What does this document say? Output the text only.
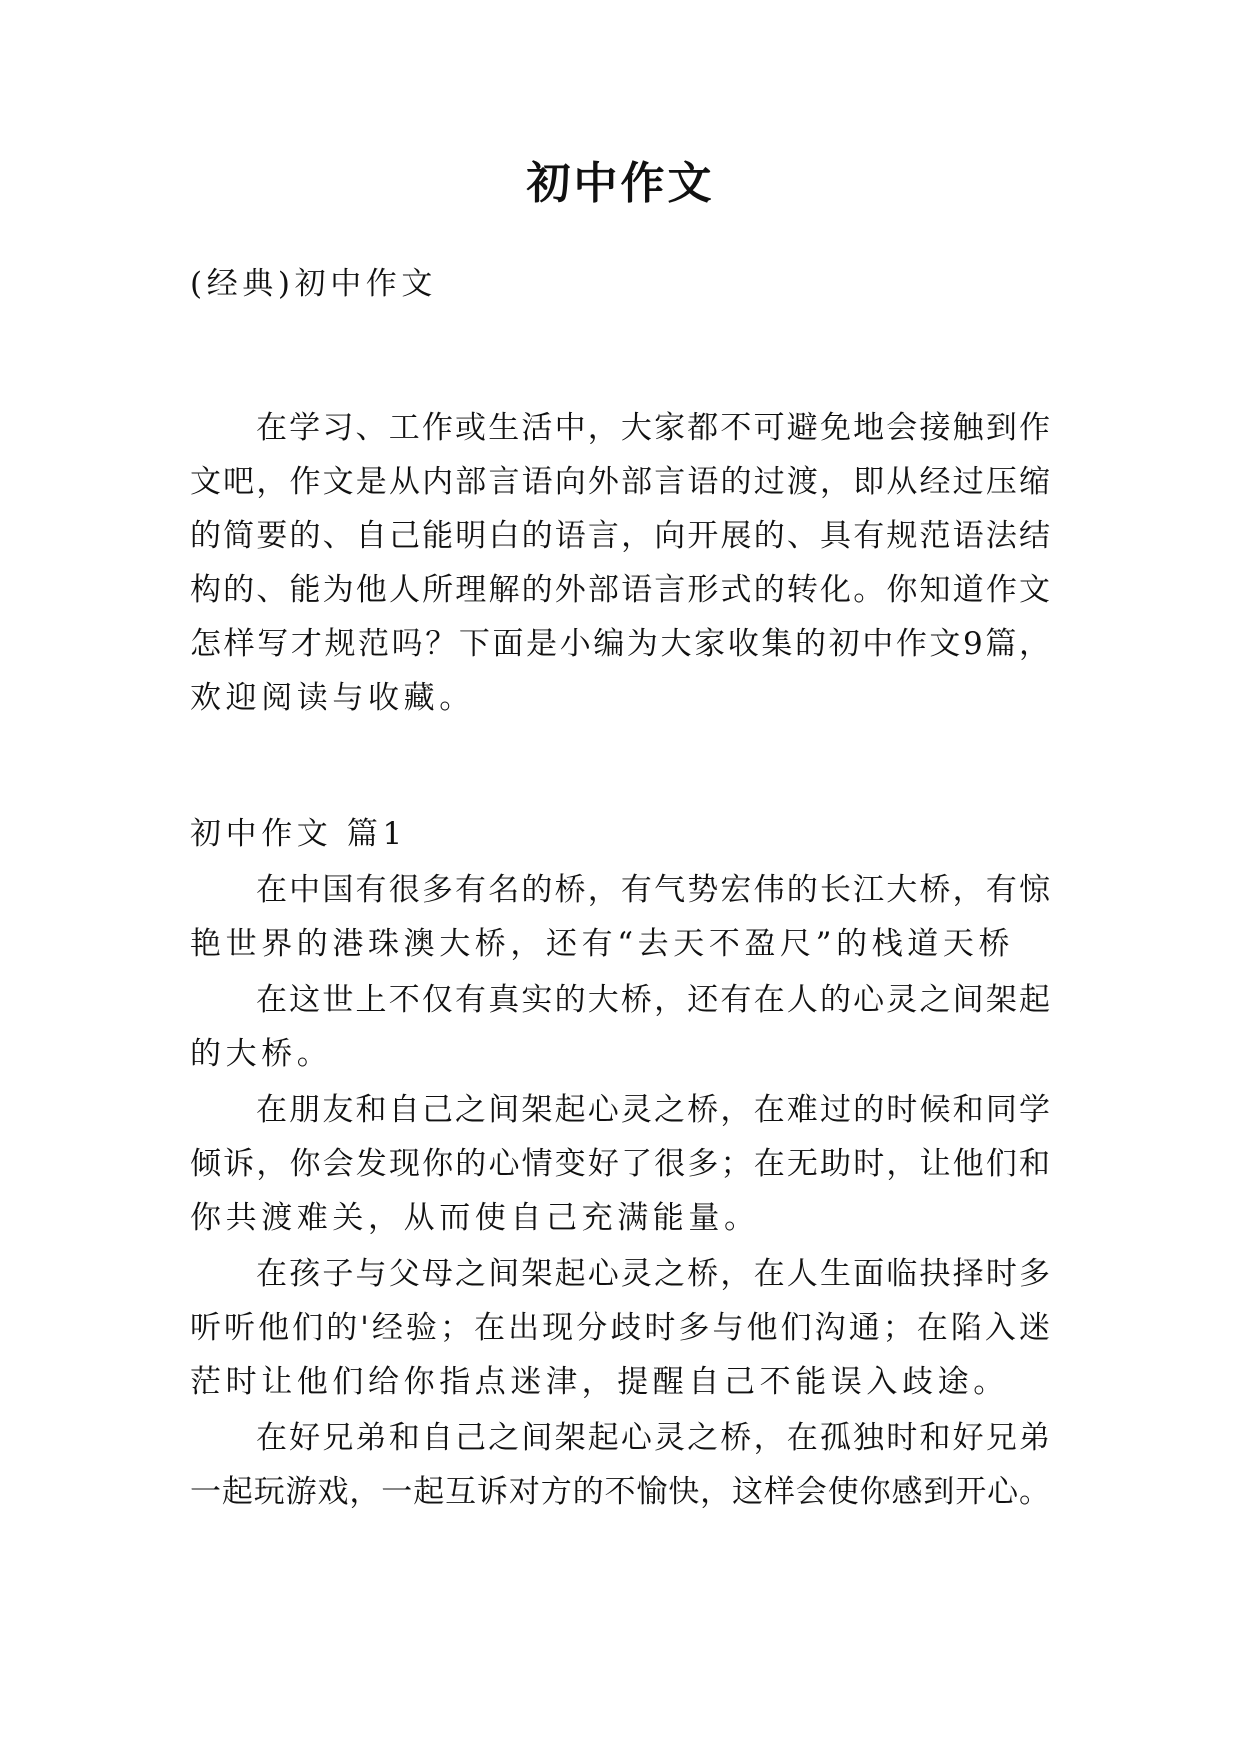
初中作文

(经典)初中作文

在学习、工作或生活中，大家都不可避免地会接触到作

文吧，作文是从内部言语向外部言语的过渡，即从经过压缩

的简要的、自己能明白的语言，向开展的、具有规范语法结

构的、能为他人所理解的外部语言形式的转化。你知道作文

怎样写才规范吗？下面是小编为大家收集的初中作文9篇，

欢迎阅读与收藏。

初中作文 篇1

在中国有很多有名的桥，有气势宏伟的长江大桥，有惊

艳世界的港珠澳大桥，还有“去天不盈尺”的栈道天桥

在这世上不仅有真实的大桥，还有在人的心灵之间架起

的大桥。

在朋友和自己之间架起心灵之桥，在难过的时候和同学

倾诉，你会发现你的心情变好了很多；在无助时，让他们和

你共渡难关，从而使自己充满能量。

在孩子与父母之间架起心灵之桥，在人生面临抉择时多

听听他们的'经验；在出现分歧时多与他们沟通；在陷入迷

茫时让他们给你指点迷津，提醒自己不能误入歧途。

在好兄弟和自己之间架起心灵之桥，在孤独时和好兄弟

一起玩游戏，一起互诉对方的不愉快，这样会使你感到开心。
